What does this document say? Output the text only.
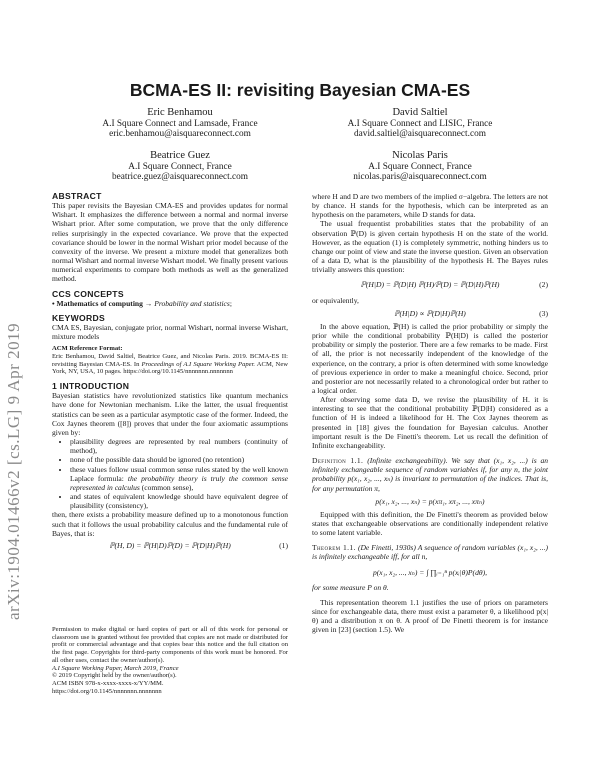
arXiv:1904.01466v2 [cs.LG] 9 Apr 2019
BCMA-ES II: revisiting Bayesian CMA-ES
Eric Benhamou
A.I Square Connect and Lamsade, France
eric.benhamou@aisquareconnect.com
David Saltiel
A.I Square Connect and LISIC, France
david.saltiel@aisquareconnect.com
Beatrice Guez
A.I Square Connect, France
beatrice.guez@aisquareconnect.com
Nicolas Paris
A.I Square Connect, France
nicolas.paris@aisquareconnect.com

ABSTRACT

This paper revisits the Bayesian CMA-ES and provides updates for normal Wishart. It emphasizes the difference between a normal and normal inverse Wishart prior. After some computation, we prove that the only difference relies surprisingly in the expected covariance. We prove that the expected covariance should be lower in the normal Wishart prior model because of the convexity of the inverse. We present a mixture model that generalizes both normal Wishart and normal inverse Wishart model. We finally present various numerical experiments to compare both methods as well as the generalized method.

CCS CONCEPTS

• Mathematics of computing → Probability and statistics;

KEYWORDS

CMA ES, Bayesian, conjugate prior, normal Wishart, normal inverse Wishart, mixture models

ACM Reference Format:

Eric Benhamou, David Saltiel, Beatrice Guez, and Nicolas Paris. 2019. BCMA-ES II: revisiting Bayesian CMA-ES. In Proceedings of A.I Square Working Paper. ACM, New York, NY, USA, 10 pages. https://doi.org/10.1145/nnnnnnn.nnnnnnn

1 INTRODUCTION

Bayesian statistics have revolutionized statistics like quantum mechanics have done for Newtonian mechanism. Like the latter, the usual frequentist statistics can be seen as a particular asymptotic case of the former. Indeed, the Cox Jaynes theorem ([8]) proves that under the four axiomatic assumptions given by:

• plausibility degrees are represented by real numbers (continuity of method),
• none of the possible data should be ignored (no retention)
• these values follow usual common sense rules stated by the well known Laplace formula: the probability theory is truly the common sense represented in calculus (common sense),
• and states of equivalent knowledge should have equivalent degree of plausibility (consistency),

then, there exists a probability measure defined up to a monotonous function such that it follows the usual probability calculus and the fundamental rule of Bayes, that is:

ℙ(H, D) = ℙ(H|D)ℙ(D) = ℙ(D|H)ℙ(H)	(1)

Permission to make digital or hard copies of part or all of this work for personal or classroom use is granted without fee provided that copies are not made or distributed for profit or commercial advantage and that copies bear this notice and the full citation on the first page. Copyrights for third-party components of this work must be honored. For all other uses, contact the owner/author(s).

A.I Square Working Paper, March 2019, France

© 2019 Copyright held by the owner/author(s).

ACM ISBN 978-x-xxxx-xxxx-x/YY/MM.

https://doi.org/10.1145/nnnnnnn.nnnnnnn

where H and D are two members of the implied σ−algebra. The letters are not by chance. H stands for the hypothesis, which can be interpreted as an hypothesis on the parameters, while D stands for data.

The usual frequentist probabilities states that the probability of an observation ℙ(D) is given certain hypothesis H on the state of the world. However, as the equation (1) is completely symmetric, nothing hinders us to change our point of view and state the inverse question. Given an observation of a data D, what is the plausibility of the hypothesis H. The Bayes rules trivially answers this question:

ℙ(H|D) = ℙ(D|H) ℙ(H)⁄ℙ(D) = ℙ(D|H)ℙ(H)	(2)

or equivalently,

ℙ(H|D) ∝ ℙ(D|H)ℙ(H)	(3)

In the above equation, ℙ(H) is called the prior probability or simply the prior while the conditional probability ℙ(H|D) is called the posterior probability or simply the posterior. There are a few remarks to be made. First of all, the prior is not necessarily independent of the knowledge of the experience, on the contrary, a prior is often determined with some knowledge of previous experience in order to make a meaningful choice. Second, prior and posterior are not necessarily related to a chronological order but rather to a logical order.

After observing some data D, we revise the plausibility of H. it is interesting to see that the conditional probability ℙ(D|H) considered as a function of H is indeed a likelihood for H. The Cox Jaynes theorem as presented in [18] gives the foundation for Bayesian calculus. Another important result is the De Finetti's theorem. Let us recall the definition of Infinite exchangeability.

Definition 1.1. (Infinite exchangeability). We say that (x₁, x₂, ...) is an infinitely exchangeable sequence of random variables if, for any n, the joint probability p(x₁, x₂, ..., xₙ) is invariant to permutation of the indices. That is, for any permutation π,

p(x₁, x₂, ..., xₙ) = p(xπ₁, xπ₂, ..., xπₙ)

Equipped with this definition, the De Finetti's theorem as provided below states that exchangeable observations are conditionally independent relative to some latent variable.

Theorem 1.1. (De Finetti, 1930s) A sequence of random variables (x₁, x₂, ...) is infinitely exchangeable iff, for all n,

p(x₁, x₂, ..., xₙ) = ∫ ∏ᵢ₌₁ⁿ p(xᵢ|θ)P(dθ),

for some measure P on θ.

This representation theorem 1.1 justifies the use of priors on parameters since for exchangeable data, there must exist a parameter θ, a likelihood p(x|θ) and a distribution π on θ. A proof of De Finetti theorem is for instance given in [23] (section 1.5). We
